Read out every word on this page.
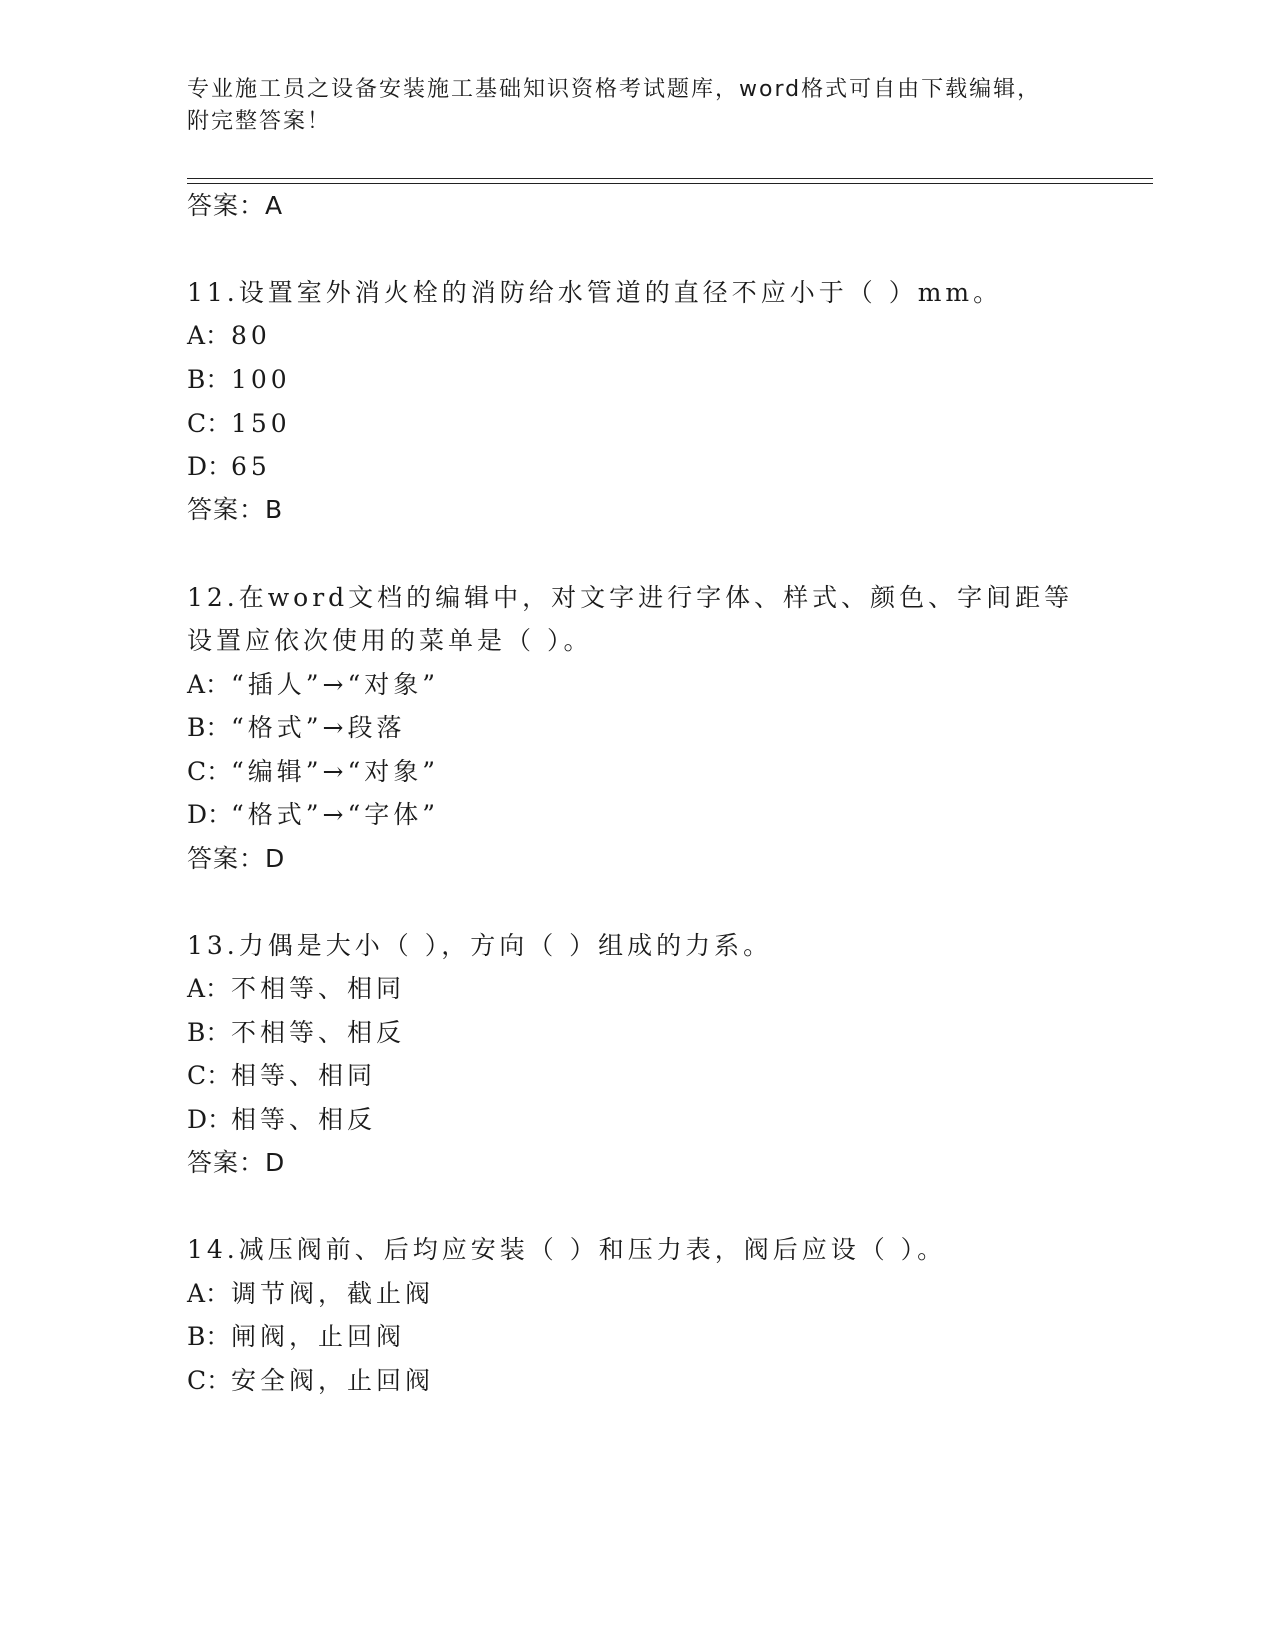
专业施工员之设备安装施工基础知识资格考试题库，word格式可自由下载编辑，
附完整答案！
答案：A
11.设置室外消火栓的消防给水管道的直径不应小于（ ）mm。
A：80
B：100
C：150
D：65
答案：B
12.在word文档的编辑中，对文字进行字体、样式、颜色、字间距等
设置应依次使用的菜单是（ ）。
A：“插人”→“对象”
B：“格式”→段落
C：“编辑”→“对象”
D：“格式”→“字体”
答案：D
13.力偶是大小（ ），方向（ ）组成的力系。
A：不相等、相同
B：不相等、相反
C：相等、相同
D：相等、相反
答案：D
14.减压阀前、后均应安装（ ）和压力表，阀后应设（ ）。
A：调节阀，截止阀
B：闸阀，止回阀
C：安全阀，止回阀
